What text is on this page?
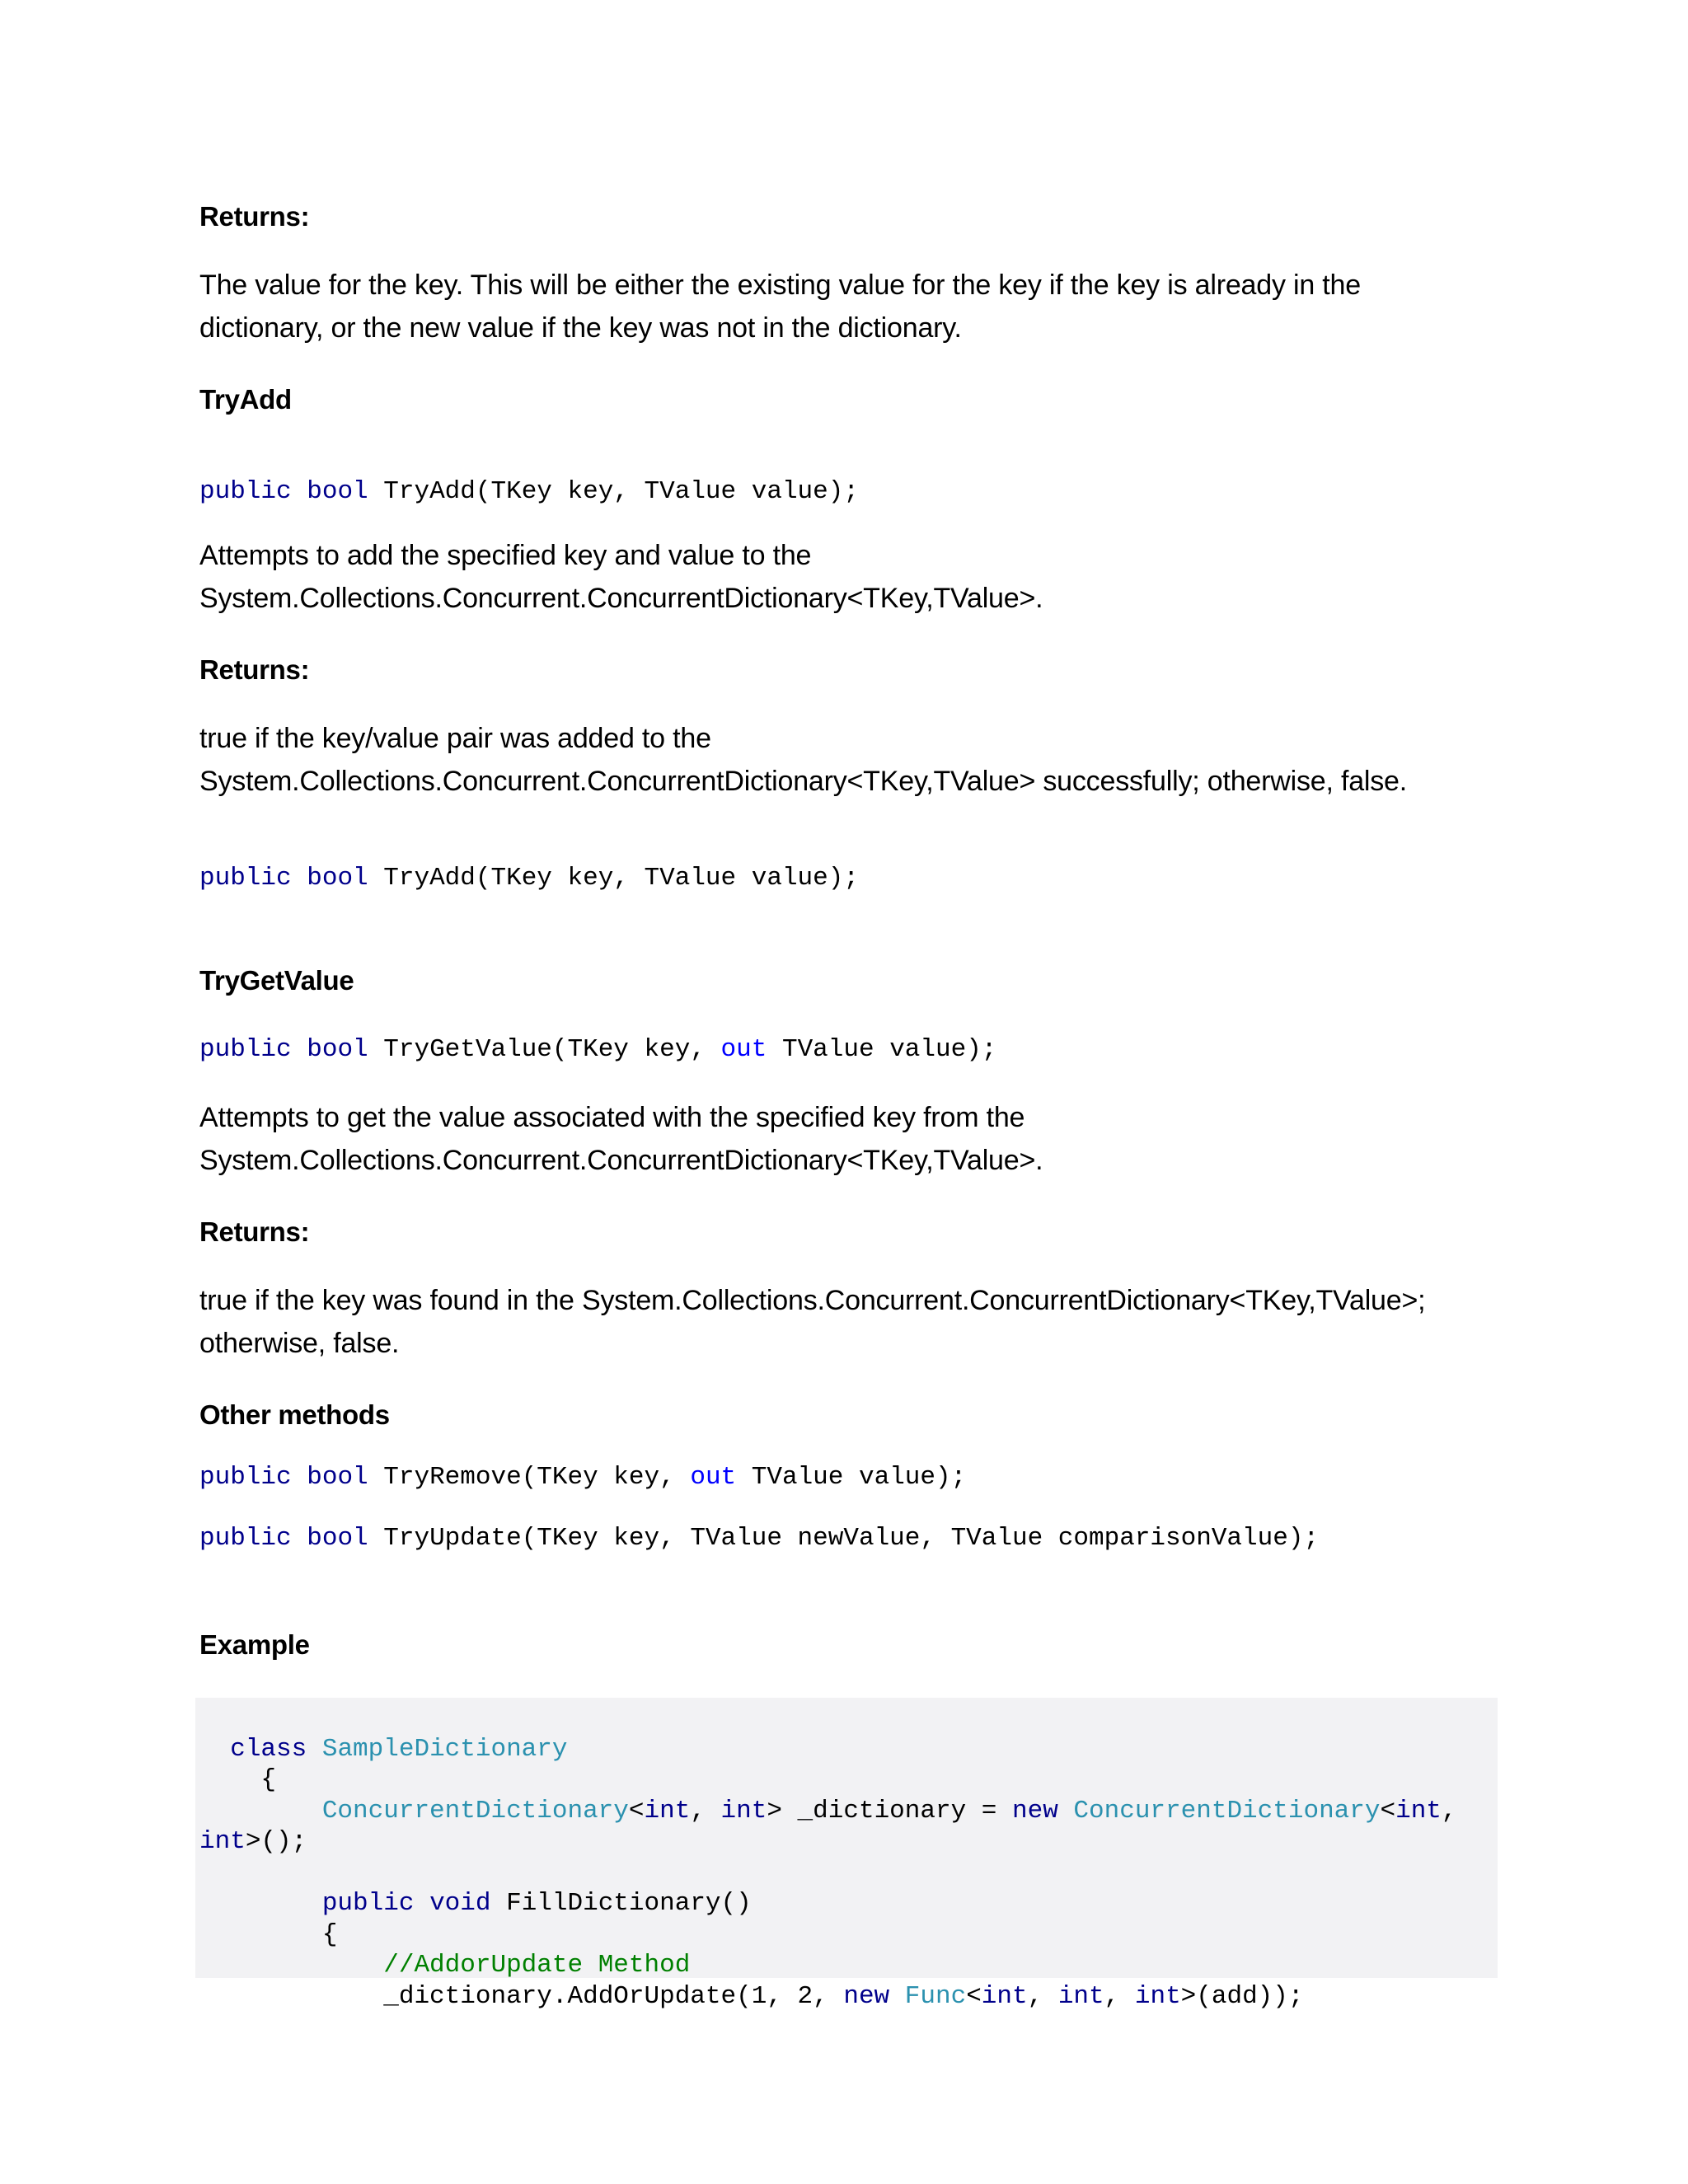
Returns:
The value for the key. This will be either the existing value for the key if the key is already in the
dictionary, or the new value if the key was not in the dictionary.
TryAdd
public bool TryAdd(TKey key, TValue value);
Attempts to add the specified key and value to the
System.Collections.Concurrent.ConcurrentDictionary<TKey,TValue>.
Returns:
true if the key/value pair was added to the
System.Collections.Concurrent.ConcurrentDictionary<TKey,TValue> successfully; otherwise, false.
public bool TryAdd(TKey key, TValue value);
TryGetValue
public bool TryGetValue(TKey key, out TValue value);
Attempts to get the value associated with the specified key from the
System.Collections.Concurrent.ConcurrentDictionary<TKey,TValue>.
Returns:
true if the key was found in the System.Collections.Concurrent.ConcurrentDictionary<TKey,TValue>;
otherwise, false.
Other methods
public bool TryRemove(TKey key, out TValue value);
public bool TryUpdate(TKey key, TValue newValue, TValue comparisonValue);
Example

class SampleDictionary
{
ConcurrentDictionary<int, int> _dictionary = new ConcurrentDictionary<int,
int>();
public void FillDictionary()
{
//AddorUpdate Method
_dictionary.AddOrUpdate(1, 2, new Func<int, int, int>(add));
